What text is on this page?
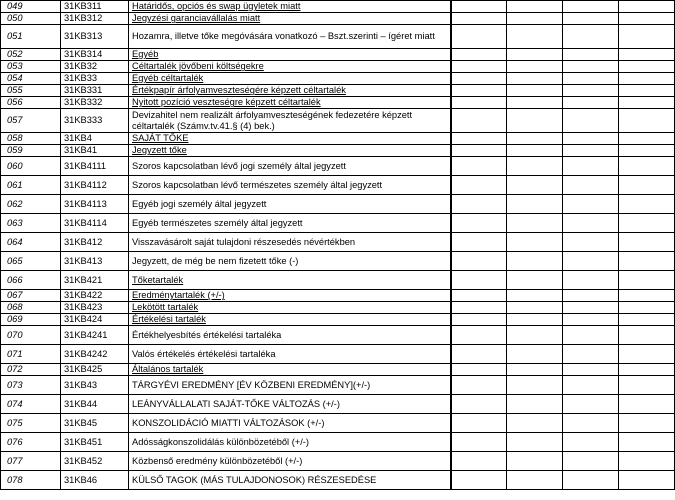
049	31KB311	Határidős, opciós és swap ügyletek miatt				
050	31KB312	Jegyzési garanciavállalás miatt				
051	31KB313	Hozamra, illetve tőke megóvására vonatkozó – Bszt.szerinti – ígéret miatt				
052	31KB314	Egyéb				
053	31KB32	Céltartalék jövőbeni költségekre				
054	31KB33	Egyéb céltartalék				
055	31KB331	Értékpapír árfolyamveszteségére képzett céltartalék				
056	31KB332	Nyitott pozíció veszteségre képzett céltartalék				
057	31KB333	Devizahitel nem realizált árfolyamveszteségének fedezetére képzett céltartalék (Számv.tv.41.§ (4) bek.)				
058	31KB4	SAJÁT TŐKE				
059	31KB41	Jegyzett tőke				
060	31KB4111	Szoros kapcsolatban lévő jogi személy által jegyzett				
061	31KB4112	Szoros kapcsolatban lévő természetes személy által jegyzett				
062	31KB4113	Egyéb jogi személy által jegyzett				
063	31KB4114	Egyéb természetes személy által jegyzett				
064	31KB412	Visszavásárolt saját tulajdoni részesedés névértékben				
065	31KB413	Jegyzett, de még be nem fizetett tőke (-)				
066	31KB421	Tőketartalék				
067	31KB422	Eredménytartalék (+/-)				
068	31KB423	Lekötött tartalék				
069	31KB424	Értékelési tartalék				
070	31KB4241	Értékhelyesbítés értékelési tartaléka				
071	31KB4242	Valós értékelés értékelési tartaléka				
072	31KB425	Általános tartalék				
073	31KB43	TÁRGYÉVI EREDMÉNY [ÉV KÖZBENI EREDMÉNY](+/-)				
074	31KB44	LEÁNYVÁLLALATI SAJÁT-TŐKE VÁLTOZÁS (+/-)				
075	31KB45	KONSZOLIDÁCIÓ MIATTI VÁLTOZÁSOK (+/-)				
076	31KB451	Adósságkonszolidálás különbözetéből (+/-)				
077	31KB452	Közbenső eredmény különbözetéből (+/-)				
078	31KB46	KÜLSŐ TAGOK (MÁS TULAJDONOSOK) RÉSZESEDÉSE				
